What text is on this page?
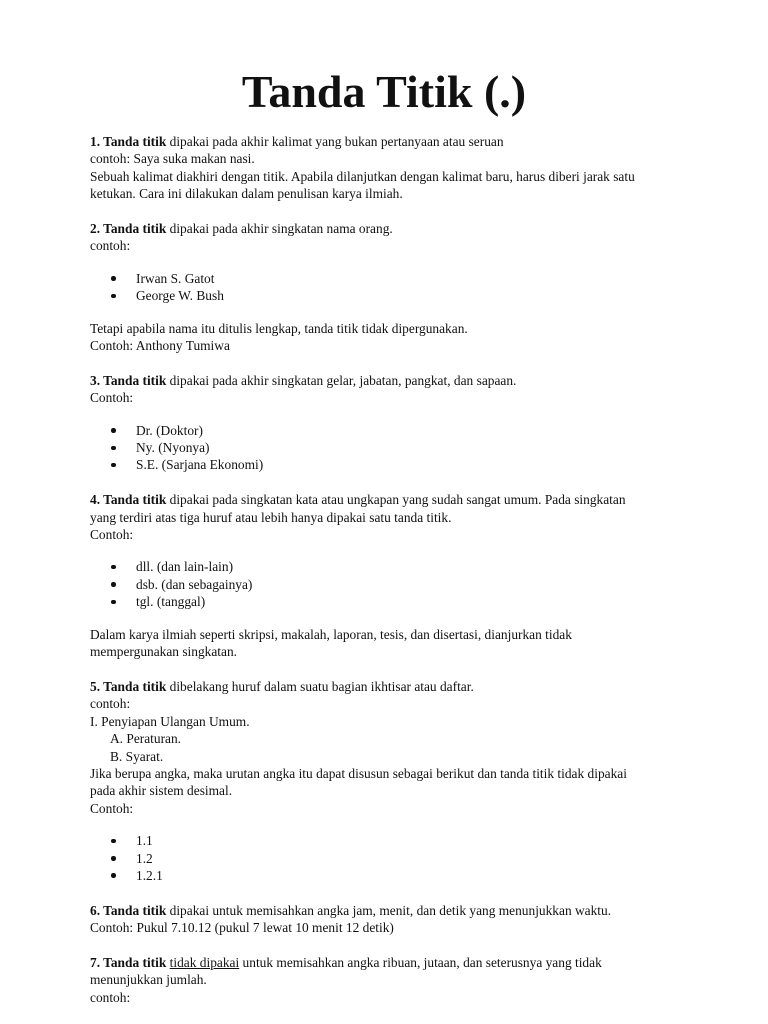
Tanda Titik (.)
1. Tanda titik dipakai pada akhir kalimat yang bukan pertanyaan atau seruan
contoh: Saya suka makan nasi.
Sebuah kalimat diakhiri dengan titik. Apabila dilanjutkan dengan kalimat baru, harus diberi jarak satu
ketukan. Cara ini dilakukan dalam penulisan karya ilmiah.
2. Tanda titik dipakai pada akhir singkatan nama orang.
contoh:
Irwan S. Gatot
George W. Bush
Tetapi apabila nama itu ditulis lengkap, tanda titik tidak dipergunakan.
Contoh: Anthony Tumiwa
3. Tanda titik dipakai pada akhir singkatan gelar, jabatan, pangkat, dan sapaan.
Contoh:
Dr. (Doktor)
Ny. (Nyonya)
S.E. (Sarjana Ekonomi)
4. Tanda titik dipakai pada singkatan kata atau ungkapan yang sudah sangat umum. Pada singkatan
yang terdiri atas tiga huruf atau lebih hanya dipakai satu tanda titik.
Contoh:
dll. (dan lain-lain)
dsb. (dan sebagainya)
tgl. (tanggal)
Dalam karya ilmiah seperti skripsi, makalah, laporan, tesis, dan disertasi, dianjurkan tidak
mempergunakan singkatan.
5. Tanda titik dibelakang huruf dalam suatu bagian ikhtisar atau daftar.
contoh:
I. Penyiapan Ulangan Umum.
A. Peraturan.
B. Syarat.
Jika berupa angka, maka urutan angka itu dapat disusun sebagai berikut dan tanda titik tidak dipakai
pada akhir sistem desimal.
Contoh:
1.1
1.2
1.2.1
6. Tanda titik dipakai untuk memisahkan angka jam, menit, dan detik yang menunjukkan waktu.
Contoh: Pukul 7.10.12 (pukul 7 lewat 10 menit 12 detik)
7. Tanda titik tidak dipakai untuk memisahkan angka ribuan, jutaan, dan seterusnya yang tidak
menunjukkan jumlah.
contoh:
